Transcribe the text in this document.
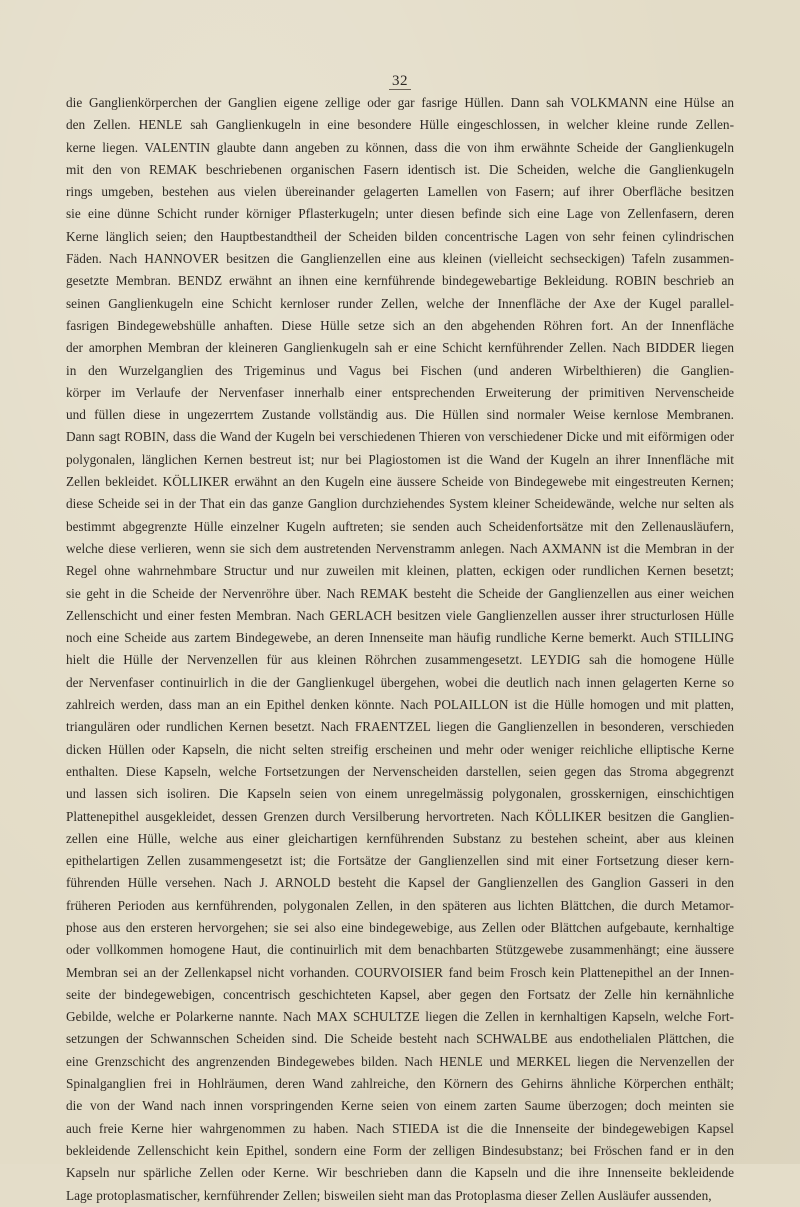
32
die Ganglienkörperchen der Ganglien eigene zellige oder gar fasrige Hüllen. Dann sah VOLKMANN eine Hülse an
den Zellen. HENLE sah Ganglienkugeln in eine besondere Hülle eingeschlossen, in welcher kleine runde Zellen-
kerne liegen. VALENTIN glaubte dann angeben zu können, dass die von ihm erwähnte Scheide der Ganglienkugeln
mit den von REMAK beschriebenen organischen Fasern identisch ist. Die Scheiden, welche die Ganglienkugeln
rings umgeben, bestehen aus vielen übereinander gelagerten Lamellen von Fasern; auf ihrer Oberfläche besitzen
sie eine dünne Schicht runder körniger Pflasterkugeln; unter diesen befinde sich eine Lage von Zellenfasern, deren
Kerne länglich seien; den Hauptbestandtheil der Scheiden bilden concentrische Lagen von sehr feinen cylindrischen
Fäden. Nach HANNOVER besitzen die Ganglienzellen eine aus kleinen (vielleicht sechseckigen) Tafeln zusammen-
gesetzte Membran. BENDZ erwähnt an ihnen eine kernführende bindegewebartige Bekleidung. ROBIN beschrieb an
seinen Ganglienkugeln eine Schicht kernloser runder Zellen, welche der Innenfläche der Axe der Kugel parallel-
fasrigen Bindegewebshülle anhaften. Diese Hülle setze sich an den abgehenden Röhren fort. An der Innenfläche
der amorphen Membran der kleineren Ganglienkugeln sah er eine Schicht kernführender Zellen. Nach BIDDER liegen
in den Wurzelganglien des Trigeminus und Vagus bei Fischen (und anderen Wirbelthieren) die Ganglien-
körper im Verlaufe der Nervenfaser innerhalb einer entsprechenden Erweiterung der primitiven Nervenscheide
und füllen diese in ungezerrtem Zustande vollständig aus. Die Hüllen sind normaler Weise kernlose Membranen.
Dann sagt ROBIN, dass die Wand der Kugeln bei verschiedenen Thieren von verschiedener Dicke und mit eiförmigen oder
polygonalen, länglichen Kernen bestreut ist; nur bei Plagiostomen ist die Wand der Kugeln an ihrer Innenfläche mit
Zellen bekleidet. KÖLLIKER erwähnt an den Kugeln eine äussere Scheide von Bindegewebe mit eingestreuten Kernen;
diese Scheide sei in der That ein das ganze Ganglion durchziehendes System kleiner Scheidewände, welche nur selten als
bestimmt abgegrenzte Hülle einzelner Kugeln auftreten; sie senden auch Scheidenfortsätze mit den Zellenausläufern,
welche diese verlieren, wenn sie sich dem austretenden Nervenstramm anlegen. Nach AXMANN ist die Membran in der
Regel ohne wahrnehmbare Structur und nur zuweilen mit kleinen, platten, eckigen oder rundlichen Kernen besetzt;
sie geht in die Scheide der Nervenröhre über. Nach REMAK besteht die Scheide der Ganglienzellen aus einer weichen
Zellenschicht und einer festen Membran. Nach GERLACH besitzen viele Ganglienzellen ausser ihrer structurlosen Hülle
noch eine Scheide aus zartem Bindegewebe, an deren Innenseite man häufig rundliche Kerne bemerkt. Auch STILLING
hielt die Hülle der Nervenzellen für aus kleinen Röhrchen zusammengesetzt. LEYDIG sah die homogene Hülle
der Nervenfaser continuirlich in die der Ganglienkugel übergehen, wobei die deutlich nach innen gelagerten Kerne so
zahlreich werden, dass man an ein Epithel denken könnte. Nach POLAILLON ist die Hülle homogen und mit platten,
triangulären oder rundlichen Kernen besetzt. Nach FRAENTZEL liegen die Ganglienzellen in besonderen, verschieden
dicken Hüllen oder Kapseln, die nicht selten streifig erscheinen und mehr oder weniger reichliche elliptische Kerne
enthalten. Diese Kapseln, welche Fortsetzungen der Nervenscheiden darstellen, seien gegen das Stroma abgegrenzt
und lassen sich isoliren. Die Kapseln seien von einem unregelmässig polygonalen, grosskernigen, einschichtigen
Plattenepithel ausgekleidet, dessen Grenzen durch Versilberung hervortreten. Nach KÖLLIKER besitzen die Ganglien-
zellen eine Hülle, welche aus einer gleichartigen kernführenden Substanz zu bestehen scheint, aber aus kleinen
epithelartigen Zellen zusammengesetzt ist; die Fortsätze der Ganglienzellen sind mit einer Fortsetzung dieser kern-
führenden Hülle versehen. Nach J. ARNOLD besteht die Kapsel der Ganglienzellen des Ganglion Gasseri in den
früheren Perioden aus kernführenden, polygonalen Zellen, in den späteren aus lichten Blättchen, die durch Metamor-
phose aus den ersteren hervorgehen; sie sei also eine bindegewebige, aus Zellen oder Blättchen aufgebaute, kernhaltige
oder vollkommen homogene Haut, die continuirlich mit dem benachbarten Stützgewebe zusammenhängt; eine äussere
Membran sei an der Zellenkapsel nicht vorhanden. COURVOISIER fand beim Frosch kein Plattenepithel an der Innen-
seite der bindegewebigen, concentrisch geschichteten Kapsel, aber gegen den Fortsatz der Zelle hin kernähnliche
Gebilde, welche er Polarkerne nannte. Nach MAX SCHULTZE liegen die Zellen in kernhaltigen Kapseln, welche Fort-
setzungen der Schwannschen Scheiden sind. Die Scheide besteht nach SCHWALBE aus endothelialen Plättchen, die
eine Grenzschicht des angrenzenden Bindegewebes bilden. Nach HENLE und MERKEL liegen die Nervenzellen der
Spinalganglien frei in Hohlräumen, deren Wand zahlreiche, den Körnern des Gehirns ähnliche Körperchen enthält;
die von der Wand nach innen vorspringenden Kerne seien von einem zarten Saume überzogen; doch meinten sie
auch freie Kerne hier wahrgenommen zu haben. Nach STIEDA ist die die Innenseite der bindegewebigen Kapsel
bekleidende Zellenschicht kein Epithel, sondern eine Form der zelligen Bindesubstanz; bei Fröschen fand er in den
Kapseln nur spärliche Zellen oder Kerne. Wir beschrieben dann die Kapseln und die ihre Innenseite bekleidende
Lage protoplasmatischer, kernführender Zellen; bisweilen sieht man das Protoplasma dieser Zellen Ausläufer aussenden,
